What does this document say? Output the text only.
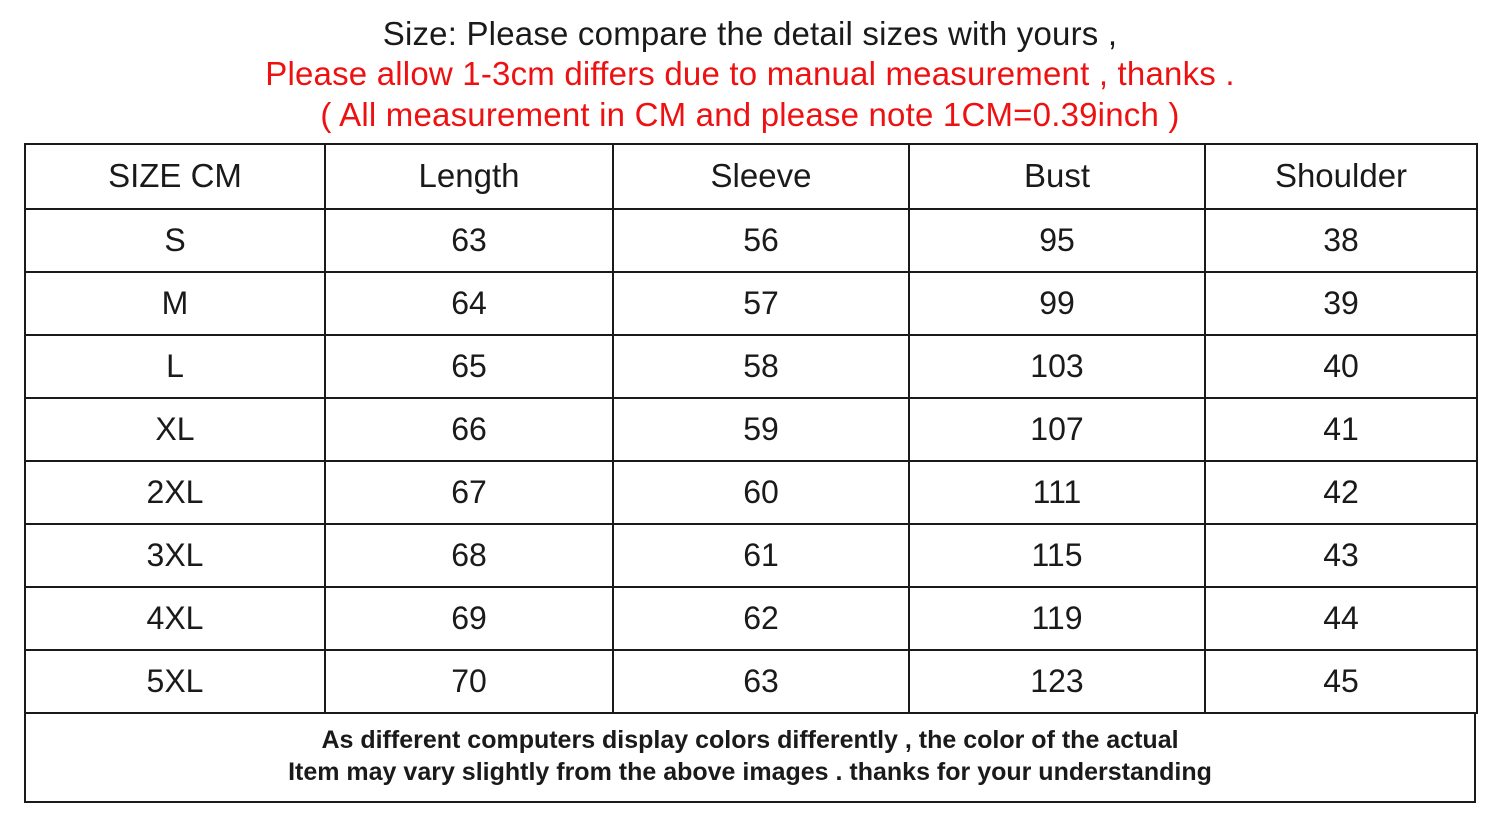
Size: Please compare the detail sizes with yours ,
Please allow 1-3cm differs due to manual measurement , thanks .
( All measurement in CM and please note 1CM=0.39inch )
SIZE CM	Length	Sleeve	Bust	Shoulder
S	63	56	95	38
M	64	57	99	39
L	65	58	103	40
XL	66	59	107	41
2XL	67	60	111	42
3XL	68	61	115	43
4XL	69	62	119	44
5XL	70	63	123	45
As different computers display colors differently , the color of the actual
Item may vary slightly from the above images . thanks for your understanding
